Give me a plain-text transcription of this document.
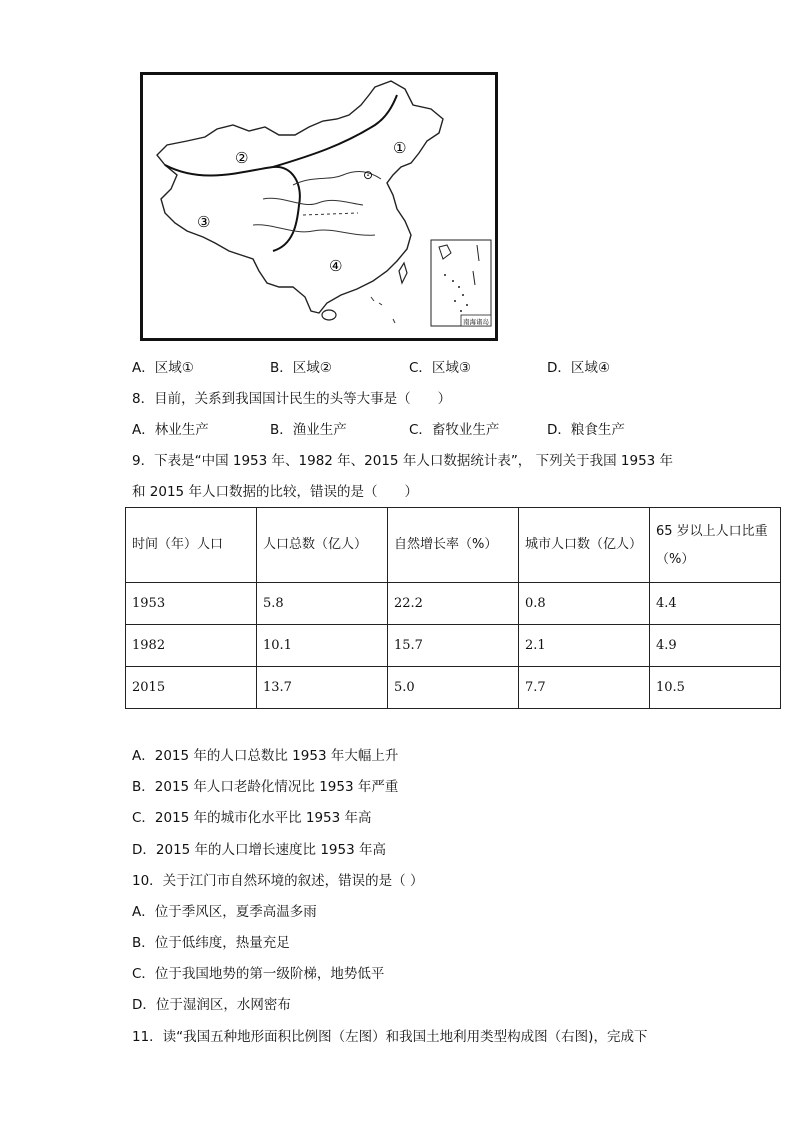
⊙
①
②
③
④
南海诸岛
A．区域①	B．区域②	C．区域③	D．区域④
8．目前，关系到我国国计民生的头等大事是（　　）
A．林业生产	B．渔业生产	C．畜牧业生产	D．粮食生产
9．下表是“中国 1953 年、1982 年、2015 年人口数据统计表”， 下列关于我国 1953 年
和 2015 年人口数据的比较，错误的是（　　）
时间（年）人口	人口总数（亿人）	自然增长率（%）	城市人口数（亿人）	65 岁以上人口比重（%）
1953	5.8	22.2	0.8	4.4
1982	10.1	15.7	2.1	4.9
2015	13.7	5.0	7.7	10.5
A．2015 年的人口总数比 1953 年大幅上升
B．2015 年人口老龄化情况比 1953 年严重
C．2015 年的城市化水平比 1953 年高
D．2015 年的人口增长速度比 1953 年高
10．关于江门市自然环境的叙述，错误的是（ ）
A．位于季风区，夏季高温多雨
B．位于低纬度，热量充足
C．位于我国地势的第一级阶梯，地势低平
D．位于湿润区，水网密布
11．读“我国五种地形面积比例图（左图）和我国土地利用类型构成图（右图)，完成下
